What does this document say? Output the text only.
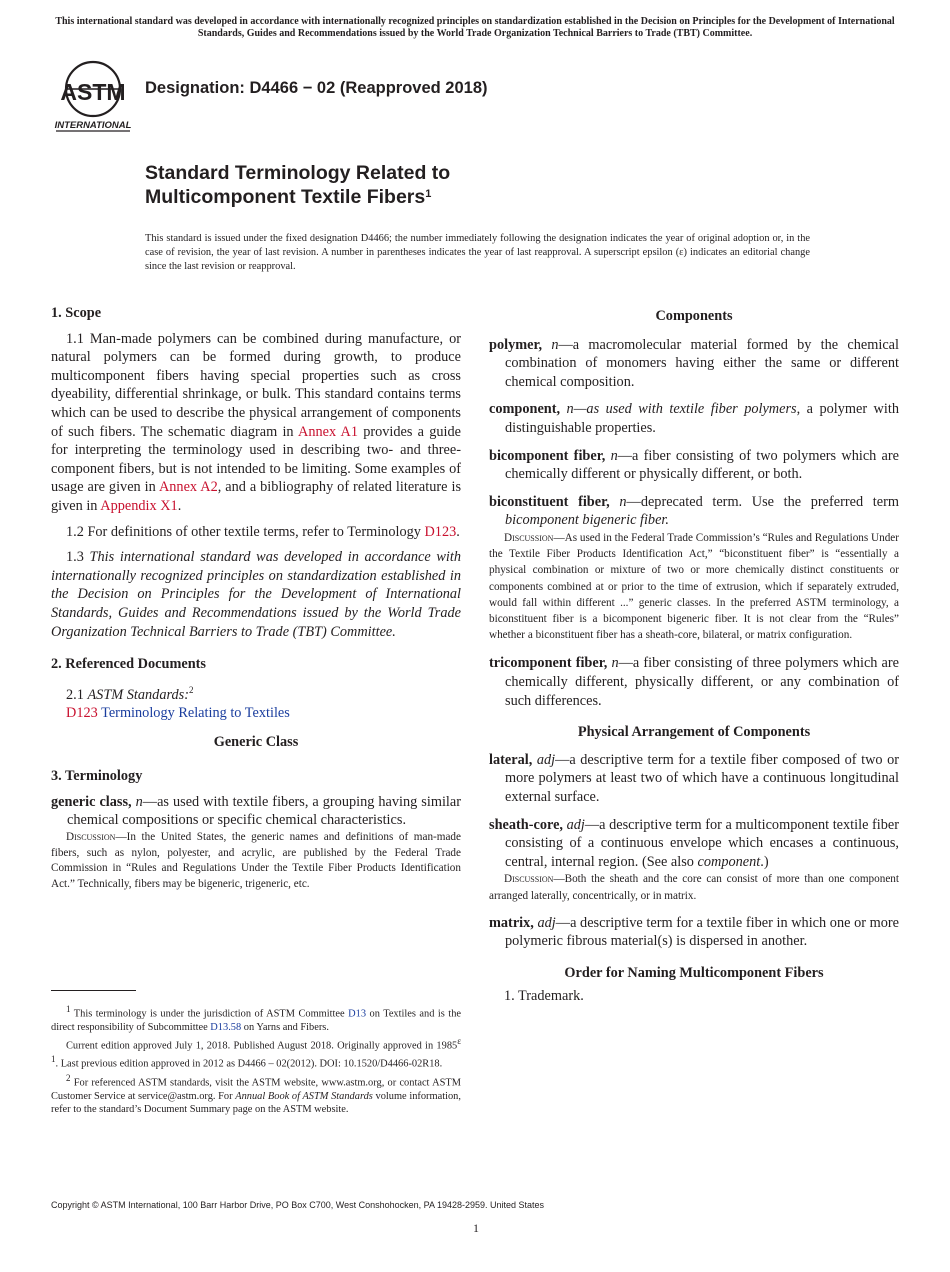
This international standard was developed in accordance with internationally recognized principles on standardization established in the Decision on Principles for the Development of International Standards, Guides and Recommendations issued by the World Trade Organization Technical Barriers to Trade (TBT) Committee.
ASTM
INTERNATIONAL
Designation: D4466 − 02 (Reapproved 2018)
Standard Terminology Related to
Multicomponent Textile Fibers$^1$
This standard is issued under the fixed designation D4466; the number immediately following the designation indicates the year of original adoption or, in the case of revision, the year of last revision. A number in parentheses indicates the year of last reapproval. A superscript epsilon (ε) indicates an editorial change since the last revision or reapproval.
1. Scope

1.1 Man-made polymers can be combined during manufacture, or natural polymers can be formed during growth, to produce multicomponent fibers having special properties such as cross dyeability, differential shrinkage, or bulk. This standard contains terms which can be used to describe the physical arrangement of components of such fibers. The schematic diagram in Annex A1 provides a guide for interpreting the terminology used in describing two- and three-component fibers, but is not intended to be limiting. Some examples of usage are given in Annex A2, and a bibliography of related literature is given in Appendix X1.

1.2 For definitions of other textile terms, refer to Terminology D123.

1.3 This international standard was developed in accordance with internationally recognized principles on standardization established in the Decision on Principles for the Development of International Standards, Guides and Recommendations issued by the World Trade Organization Technical Barriers to Trade (TBT) Committee.

2. Referenced Documents

2.1 ASTM Standards:$^2$

D123 Terminology Relating to Textiles

Generic Class

3. Terminology

generic class, n—as used with textile fibers, a grouping having similar chemical compositions or specific chemical characteristics.

Discussion—In the United States, the generic names and definitions of man-made fibers, such as nylon, polyester, and acrylic, are published by the Federal Trade Commission in “Rules and Regulations Under the Textile Fiber Products Identification Act.” Technically, fibers may be bigeneric, trigeneric, etc.

Components

polymer, n—a macromolecular material formed by the chemical combination of monomers having either the same or different chemical composition.

component, n—as used with textile fiber polymers, a polymer with distinguishable properties.

bicomponent fiber, n—a fiber consisting of two polymers which are chemically different or physically different, or both.

biconstituent fiber, n—deprecated term. Use the preferred term bicomponent bigeneric fiber.

Discussion—As used in the Federal Trade Commission’s “Rules and Regulations Under the Textile Fiber Products Identification Act,” “biconstituent fiber” is “essentially a physical combination or mixture of two or more chemically distinct constituents or components combined at or prior to the time of extrusion, which if separately extruded, would fall within different ...” generic classes. In the preferred ASTM terminology, a biconstituent fiber is a bicomponent bigeneric fiber. It is not clear from the “Rules” whether a biconstituent fiber has a sheath-core, bilateral, or matrix configuration.

tricomponent fiber, n—a fiber consisting of three polymers which are chemically different, physically different, or any combination of such differences.

Physical Arrangement of Components

lateral, adj—a descriptive term for a textile fiber composed of two or more polymers at least two of which have a continuous longitudinal external surface.

sheath-core, adj—a descriptive term for a multicomponent textile fiber consisting of a continuous envelope which encases a continuous, central, internal region. (See also component.)

Discussion—Both the sheath and the core can consist of more than one component arranged laterally, concentrically, or in matrix.

matrix, adj—a descriptive term for a textile fiber in which one or more polymeric fibrous material(s) is dispersed in another.

Order for Naming Multicomponent Fibers

1. Trademark.

$^1$ This terminology is under the jurisdiction of ASTM Committee D13 on Textiles and is the direct responsibility of Subcommittee D13.58 on Yarns and Fibers.

Current edition approved July 1, 2018. Published August 2018. Originally approved in $1985^{\varepsilon 1}$. Last previous edition approved in 2012 as D4466 – 02(2012). DOI: 10.1520/D4466-02R18.

$^2$ For referenced ASTM standards, visit the ASTM website, www.astm.org, or contact ASTM Customer Service at service@astm.org. For Annual Book of ASTM Standards volume information, refer to the standard’s Document Summary page on the ASTM website.

Copyright © ASTM International, 100 Barr Harbor Drive, PO Box C700, West Conshohocken, PA 19428-2959. United States
1
